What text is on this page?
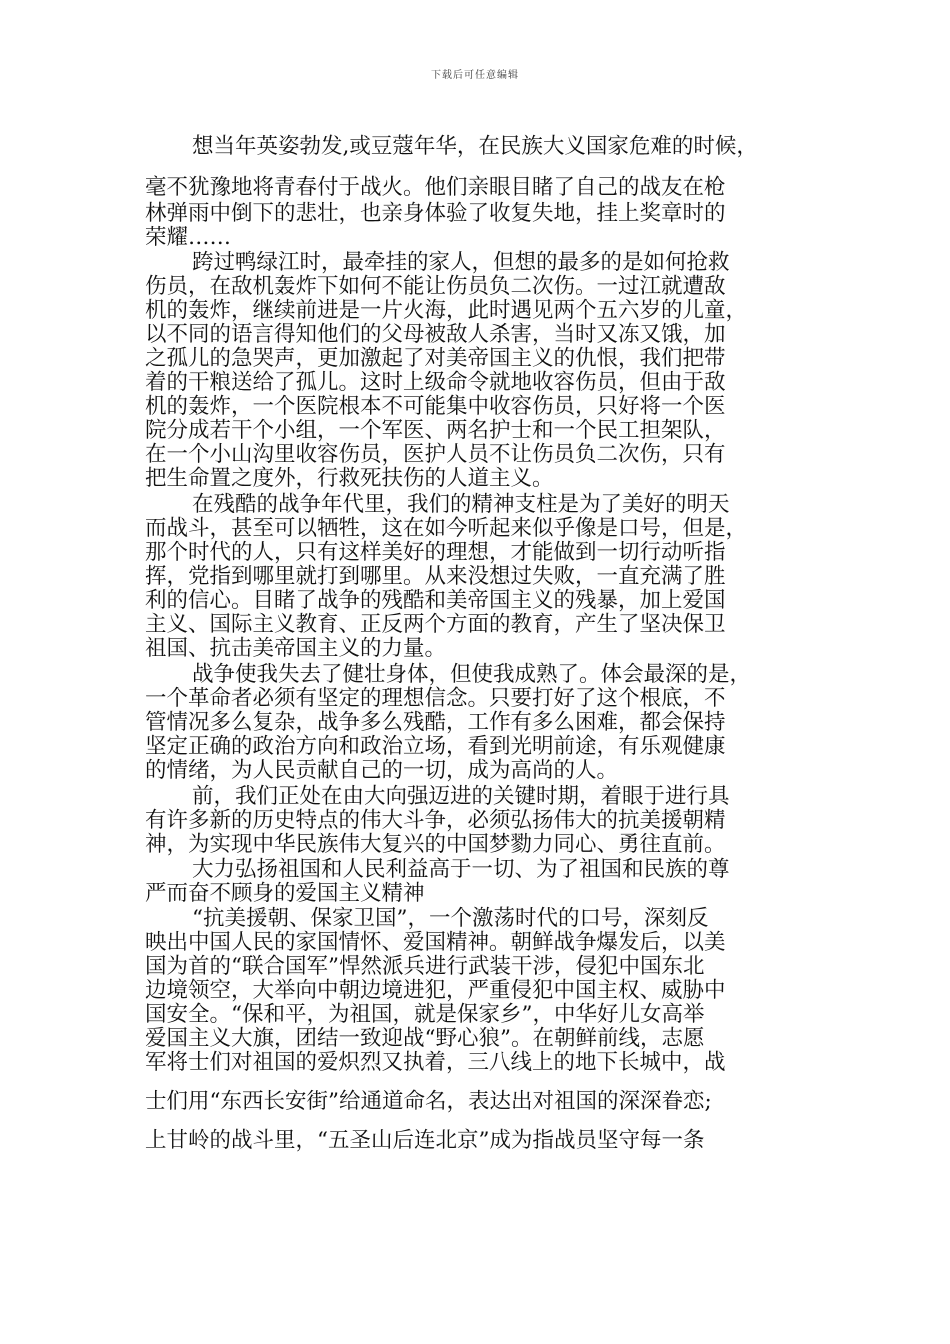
下载后可任意编辑
想当年英姿勃发,或豆蔻年华，在民族大义国家危难的时候，
毫不犹豫地将青春付于战火。他们亲眼目睹了自己的战友在枪
林弹雨中倒下的悲壮，也亲身体验了收复失地，挂上奖章时的
荣耀……
跨过鸭绿江时，最牵挂的家人，但想的最多的是如何抢救
伤员，在敌机轰炸下如何不能让伤员负二次伤。一过江就遭敌
机的轰炸，继续前进是一片火海，此时遇见两个五六岁的儿童，
以不同的语言得知他们的父母被敌人杀害，当时又冻又饿，加
之孤儿的急哭声，更加激起了对美帝国主义的仇恨，我们把带
着的干粮送给了孤儿。这时上级命令就地收容伤员，但由于敌
机的轰炸，一个医院根本不可能集中收容伤员，只好将一个医
院分成若干个小组，一个军医、两名护士和一个民工担架队，
在一个小山沟里收容伤员，医护人员不让伤员负二次伤，只有
把生命置之度外，行救死扶伤的人道主义。
在残酷的战争年代里，我们的精神支柱是为了美好的明天
而战斗，甚至可以牺牲，这在如今听起来似乎像是口号，但是，
那个时代的人，只有这样美好的理想，才能做到一切行动听指
挥，党指到哪里就打到哪里。从来没想过失败，一直充满了胜
利的信心。目睹了战争的残酷和美帝国主义的残暴，加上爱国
主义、国际主义教育、正反两个方面的教育，产生了坚决保卫
祖国、抗击美帝国主义的力量。
战争使我失去了健壮身体，但使我成熟了。体会最深的是，
一个革命者必须有坚定的理想信念。只要打好了这个根底，不
管情况多么复杂，战争多么残酷，工作有多么困难，都会保持
坚定正确的政治方向和政治立场，看到光明前途，有乐观健康
的情绪，为人民贡献自己的一切，成为高尚的人。
前，我们正处在由大向强迈进的关键时期，着眼于进行具
有许多新的历史特点的伟大斗争，必须弘扬伟大的抗美援朝精
神，为实现中华民族伟大复兴的中国梦勠力同心、勇往直前。
大力弘扬祖国和人民利益高于一切、为了祖国和民族的尊
严而奋不顾身的爱国主义精神
“抗美援朝、保家卫国”，一个激荡时代的口号，深刻反
映出中国人民的家国情怀、爱国精神。朝鲜战争爆发后，以美
国为首的“联合国军”悍然派兵进行武装干涉，侵犯中国东北
边境领空，大举向中朝边境进犯，严重侵犯中国主权、威胁中
国安全。“保和平，为祖国，就是保家乡”，中华好儿女高举
爱国主义大旗，团结一致迎战“野心狼”。在朝鲜前线，志愿
军将士们对祖国的爱炽烈又执着，三八线上的地下长城中，战
士们用“东西长安街”给通道命名，表达出对祖国的深深眷恋;
上甘岭的战斗里，“五圣山后连北京”成为指战员坚守每一条
